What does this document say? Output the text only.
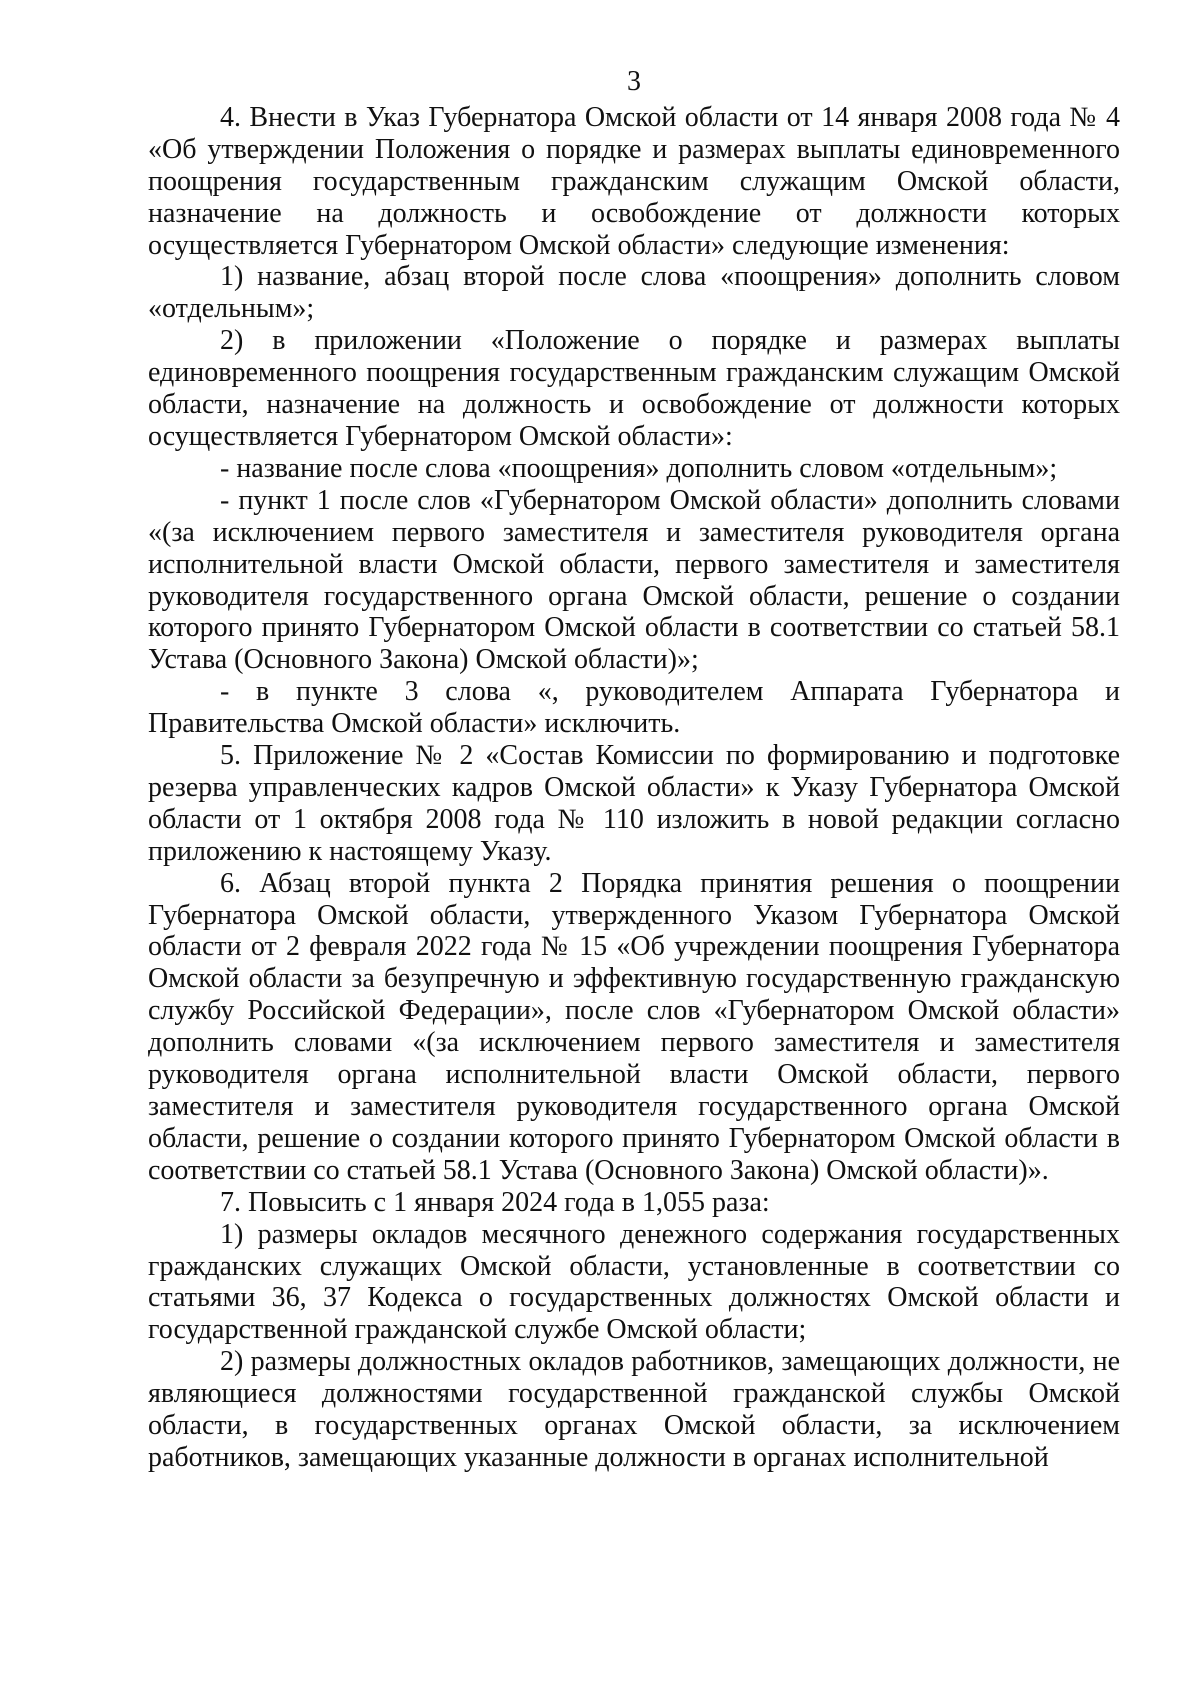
3

4. Внести в Указ Губернатора Омской области от 14 января 2008 года № 4 «Об утверждении Положения о порядке и размерах выплаты единовременного поощрения государственным гражданским служащим Омской области, назначение на должность и освобождение от должности которых осуществляется Губернатором Омской области» следующие изменения:

1) название, абзац второй после слова «поощрения» дополнить словом «отдельным»;

2) в приложении «Положение о порядке и размерах выплаты единовременного поощрения государственным гражданским служащим Омской области, назначение на должность и освобождение от должности которых осуществляется Губернатором Омской области»:

- название после слова «поощрения» дополнить словом «отдельным»;

- пункт 1 после слов «Губернатором Омской области» дополнить словами «(за исключением первого заместителя и заместителя руководителя органа исполнительной власти Омской области, первого заместителя и заместителя руководителя государственного органа Омской области, решение о создании которого принято Губернатором Омской области в соответствии со статьей 58.1 Устава (Основного Закона) Омской области)»;

- в пункте 3 слова «, руководителем Аппарата Губернатора и Правительства Омской области» исключить.

5. Приложение № 2 «Состав Комиссии по формированию и подготовке резерва управленческих кадров Омской области» к Указу Губернатора Омской области от 1 октября 2008 года № 110 изложить в новой редакции согласно приложению к настоящему Указу.

6. Абзац второй пункта 2 Порядка принятия решения о поощрении Губернатора Омской области, утвержденного Указом Губернатора Омской области от 2 февраля 2022 года № 15 «Об учреждении поощрения Губернатора Омской области за безупречную и эффективную государственную гражданскую службу Российской Федерации», после слов «Губернатором Омской области» дополнить словами «(за исключением первого заместителя и заместителя руководителя органа исполнительной власти Омской области, первого заместителя и заместителя руководителя государственного органа Омской области, решение о создании которого принято Губернатором Омской области в соответствии со статьей 58.1 Устава (Основного Закона) Омской области)».

7. Повысить с 1 января 2024 года в 1,055 раза:

1) размеры окладов месячного денежного содержания государственных гражданских служащих Омской области, установленные в соответствии со статьями 36, 37 Кодекса о государственных должностях Омской области и государственной гражданской службе Омской области;

2) размеры должностных окладов работников, замещающих должности, не являющиеся должностями государственной гражданской службы Омской области, в государственных органах Омской области, за исключением работников, замещающих указанные должности в органах исполнительной
